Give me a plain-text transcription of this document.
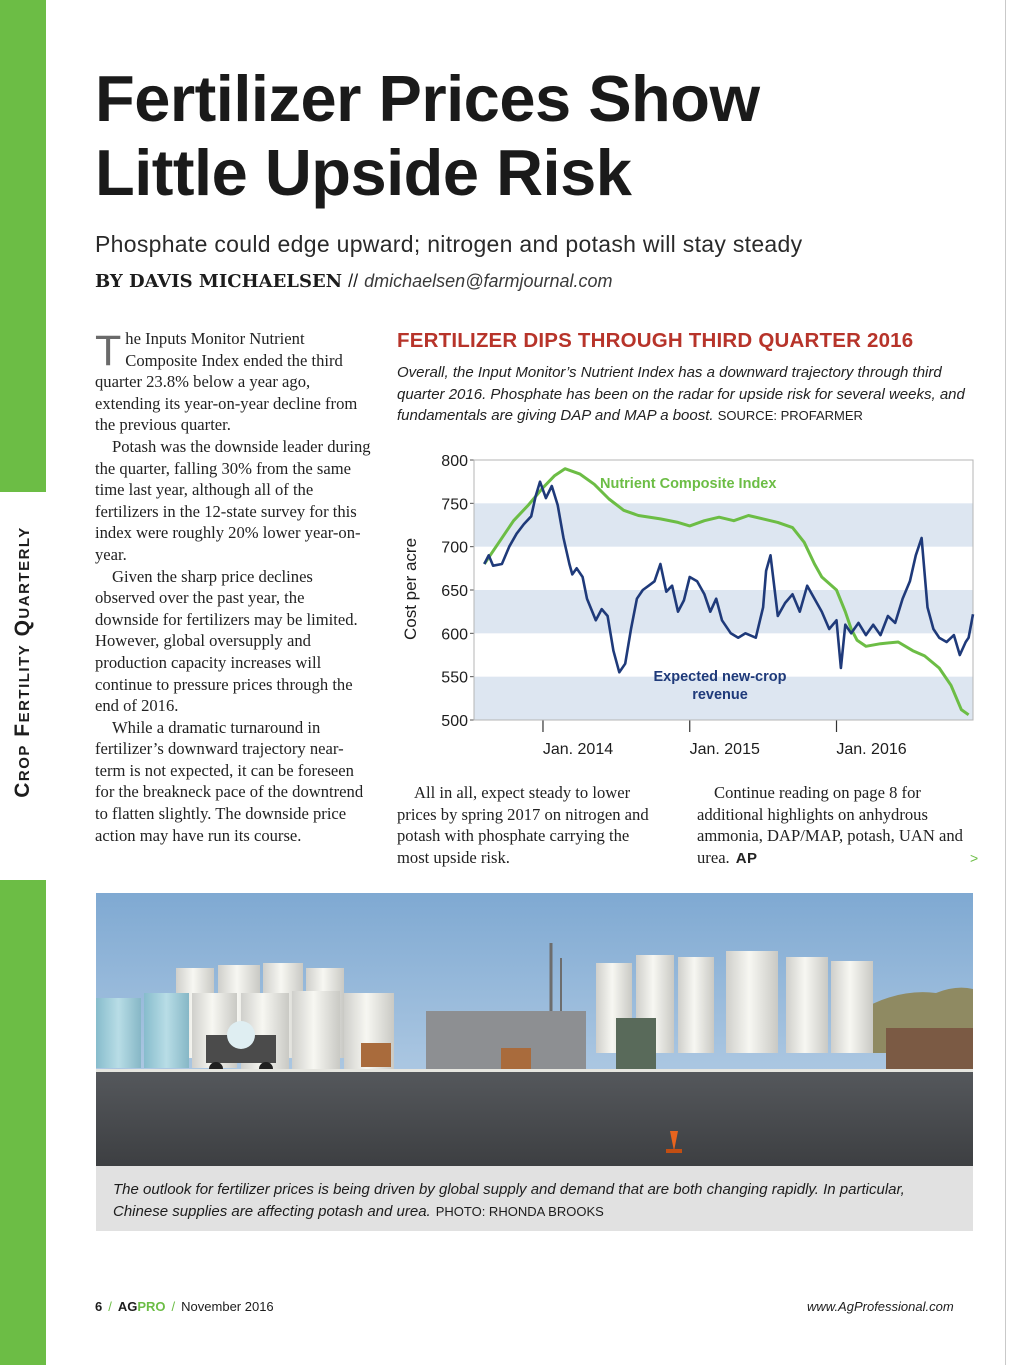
Crop Fertility Quarterly
Fertilizer Prices Show
Little Upside Risk
Phosphate could edge upward; nitrogen and potash will stay steady
BY DAVIS MICHAELSEN // dmichaelsen@farmjournal.com

The Inputs Monitor Nutrient Composite Index ended the third quarter 23.8% below a year ago, extending its year-on-year decline from the previous quarter.

Potash was the downside leader during the quarter, falling 30% from the same time last year, although all of the fertilizers in the 12-state survey for this index were roughly 20% lower year-on-year.

Given the sharp price declines observed over the past year, the downside for fertilizers may be limited. However, global oversupply and production capacity increases will continue to pressure prices through the end of 2016.

While a dramatic turnaround in fertilizer’s downward trajectory near-term is not expected, it can be foreseen for the breakneck pace of the downtrend to flatten slightly. The downside price action may have run its course.

FERTILIZER DIPS THROUGH THIRD QUARTER 2016
Overall, the Input Monitor’s Nutrient Index has a downward trajectory through third quarter 2016. Phosphate has been on the radar for upside risk for several weeks, and fundamentals are giving DAP and MAP a boost. SOURCE: PROFARMER
500
550
600
650
700
750
800
Jan. 2014	Jan. 2015	Jan. 2016
Cost per acre
Nutrient Composite Index
Expected new-crop
revenue

All in all, expect steady to lower prices by spring 2017 on nitrogen and potash with phosphate carrying the most upside risk.

Continue reading on page 8 for additional highlights on anhydrous ammonia, DAP/MAP, potash, UAN and urea. AP	>
The outlook for fertilizer prices is being driven by global supply and demand that are both changing rapidly. In particular, Chinese supplies are affecting potash and urea. PHOTO: RHONDA BROOKS
6 / AGPRO / November 2016	www.AgProfessional.com
